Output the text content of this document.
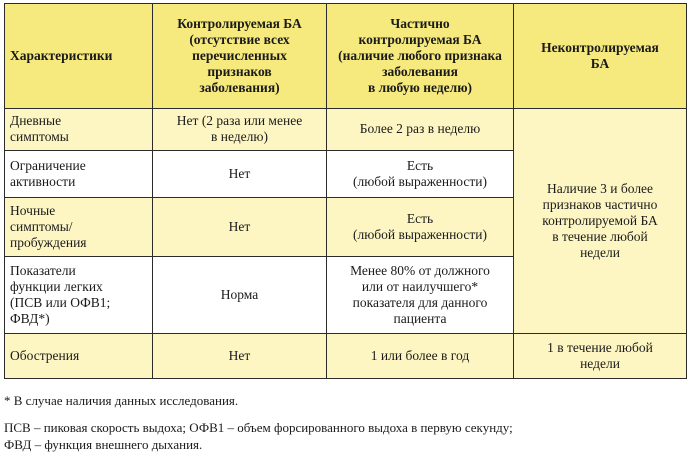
Характеристики	Контролируемая БА
(отсутствие всех
перечисленных
признаков
заболевания)	Частично
контролируемая БА
(наличие любого признака
заболевания
в любую неделю)	Неконтролируемая
БА
Дневные
симптомы	Нет (2 раза или менее
в неделю)	Более 2 раз в неделю	Наличие 3 и более
признаков частично
контролируемой БА
в течение любой
недели
Ограничение
активности	Нет	Есть
(любой выраженности)	
Ночные
симптомы/
пробуждения	Нет	Есть
(любой выраженности)	
Показатели
функции легких
(ПСВ или ОФВ1;
ФВД*)	Норма	Менее 80% от должного
или от наилучшего*
показателя для данного
пациента	
Обострения	Нет	1 или более в год	1 в течение любой
недели

* В случае наличия данных исследования.

ПСВ – пиковая скорость выдоха; ОФВ1 – объем форсированного выдоха в первую секунду;

ФВД – функция внешнего дыхания.
